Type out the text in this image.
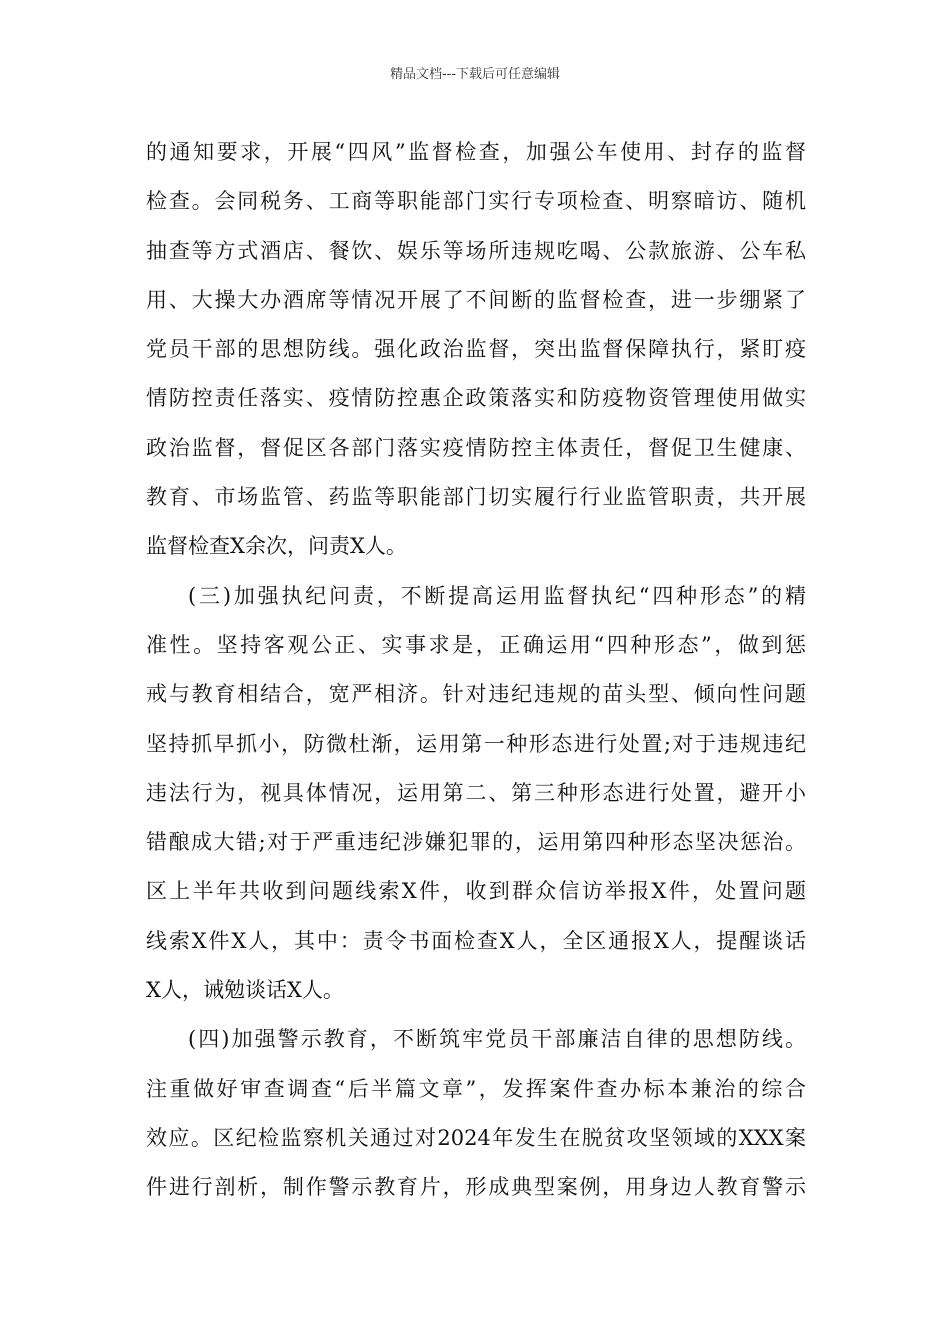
精品文档---下载后可任意编辑
的通知要求，开展“四风”监督检查，加强公车使用、封存的监督
检查。会同税务、工商等职能部门实行专项检查、明察暗访、随机
抽查等方式酒店、餐饮、娱乐等场所违规吃喝、公款旅游、公车私
用、大操大办酒席等情况开展了不间断的监督检查，进一步绷紧了
党员干部的思想防线。强化政治监督，突出监督保障执行，紧盯疫
情防控责任落实、疫情防控惠企政策落实和防疫物资管理使用做实
政治监督，督促区各部门落实疫情防控主体责任，督促卫生健康、
教育、市场监管、药监等职能部门切实履行行业监管职责，共开展
监督检查X余次，问责X人。
(三)加强执纪问责，不断提高运用监督执纪“四种形态”的精
准性。坚持客观公正、实事求是，正确运用“四种形态”，做到惩
戒与教育相结合，宽严相济。针对违纪违规的苗头型、倾向性问题
坚持抓早抓小，防微杜渐，运用第一种形态进行处置;对于违规违纪
违法行为，视具体情况，运用第二、第三种形态进行处置，避开小
错酿成大错;对于严重违纪涉嫌犯罪的，运用第四种形态坚决惩治。
区上半年共收到问题线索X件，收到群众信访举报X件，处置问题
线索X件X人，其中：责令书面检查X人，全区通报X人，提醒谈话
X人，诫勉谈话X人。
(四)加强警示教育，不断筑牢党员干部廉洁自律的思想防线。
注重做好审查调查“后半篇文章”，发挥案件查办标本兼治的综合
效应。区纪检监察机关通过对2024年发生在脱贫攻坚领域的XXX案
件进行剖析，制作警示教育片，形成典型案例，用身边人教育警示
